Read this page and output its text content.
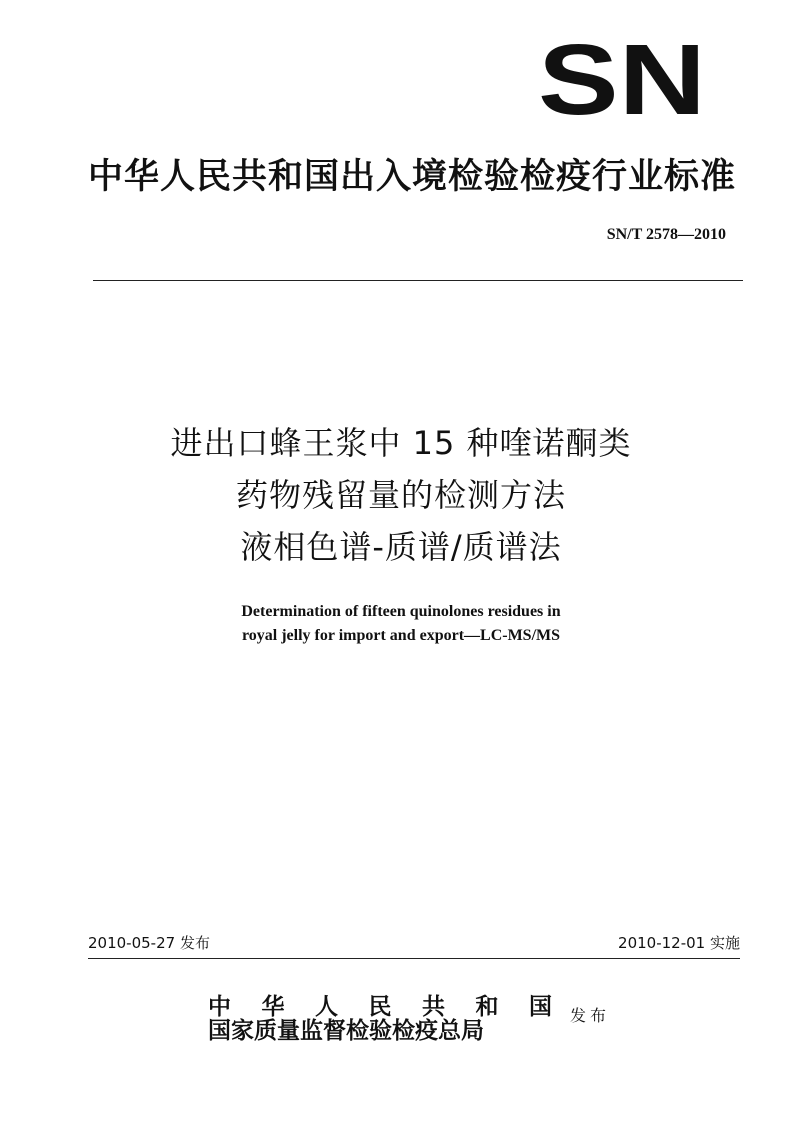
SN
中华人民共和国出入境检验检疫行业标准
SN/T 2578—2010
进出口蜂王浆中 15 种喹诺酮类
药物残留量的检测方法
液相色谱-质谱/质谱法
Determination of fifteen quinolones residues in
royal jelly for import and export—LC-MS/MS
2010-05-27 发布	2010-12-01 实施
中 华 人 民 共 和 国
国家质量监督检验检疫总局
发布
